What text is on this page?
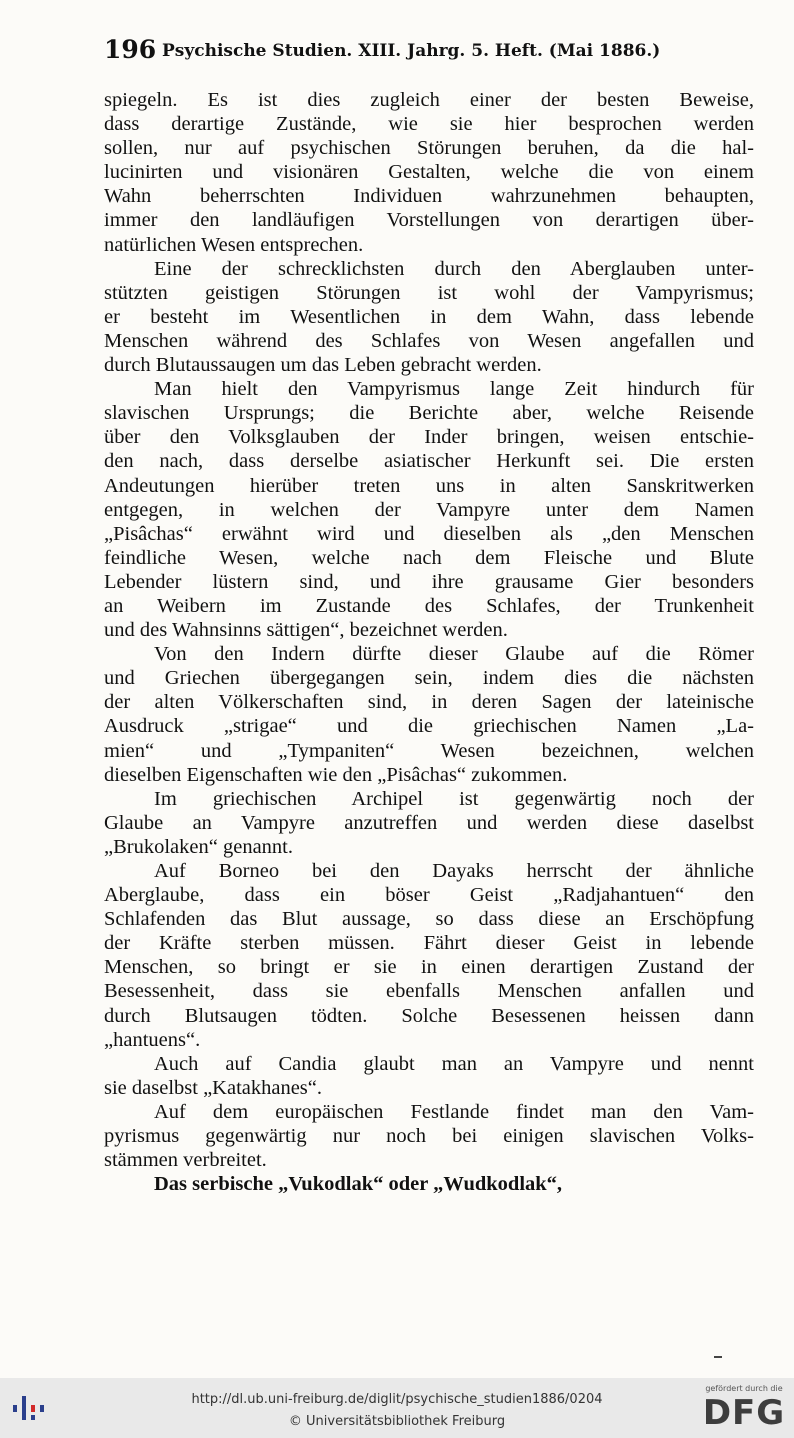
196 Psychische Studien. XIII. Jahrg. 5. Heft. (Mai 1886.)
spiegeln. Es ist dies zugleich einer der besten Beweise,
dass derartige Zustände, wie sie hier besprochen werden
sollen, nur auf psychischen Störungen beruhen, da die hal-
lucinirten und visionären Gestalten, welche die von einem
Wahn beherrschten Individuen wahrzunehmen behaupten,
immer den landläufigen Vorstellungen von derartigen über-
natürlichen Wesen entsprechen.
Eine der schrecklichsten durch den Aberglauben unter-
stützten geistigen Störungen ist wohl der Vampyrismus;
er besteht im Wesentlichen in dem Wahn, dass lebende
Menschen während des Schlafes von Wesen angefallen und
durch Blutaussaugen um das Leben gebracht werden.
Man hielt den Vampyrismus lange Zeit hindurch für
slavischen Ursprungs; die Berichte aber, welche Reisende
über den Volksglauben der Inder bringen, weisen entschie-
den nach, dass derselbe asiatischer Herkunft sei. Die ersten
Andeutungen hierüber treten uns in alten Sanskritwerken
entgegen, in welchen der Vampyre unter dem Namen
„Pisâchas“ erwähnt wird und dieselben als „den Menschen
feindliche Wesen, welche nach dem Fleische und Blute
Lebender lüstern sind, und ihre grausame Gier besonders
an Weibern im Zustande des Schlafes, der Trunkenheit
und des Wahnsinns sättigen“, bezeichnet werden.
Von den Indern dürfte dieser Glaube auf die Römer
und Griechen übergegangen sein, indem dies die nächsten
der alten Völkerschaften sind, in deren Sagen der lateinische
Ausdruck „strigae“ und die griechischen Namen „La-
mien“ und „Tympaniten“ Wesen bezeichnen, welchen
dieselben Eigenschaften wie den „Pisâchas“ zukommen.
Im griechischen Archipel ist gegenwärtig noch der
Glaube an Vampyre anzutreffen und werden diese daselbst
„Brukolaken“ genannt.
Auf Borneo bei den Dayaks herrscht der ähnliche
Aberglaube, dass ein böser Geist „Radjahantuen“ den
Schlafenden das Blut aussage, so dass diese an Erschöpfung
der Kräfte sterben müssen. Fährt dieser Geist in lebende
Menschen, so bringt er sie in einen derartigen Zustand der
Besessenheit, dass sie ebenfalls Menschen anfallen und
durch Blutsaugen tödten. Solche Besessenen heissen dann
„hantuens“.
Auch auf Candia glaubt man an Vampyre und nennt
sie daselbst „Katakhanes“.
Auf dem europäischen Festlande findet man den Vam-
pyrismus gegenwärtig nur noch bei einigen slavischen Volks-
stämmen verbreitet.
Das serbische „Vukodlak“ oder „Wudkodlak“,
http://dl.ub.uni-freiburg.de/diglit/psychische_studien1886/0204
© Universitätsbibliothek Freiburg
gefördert durch die
DFG
